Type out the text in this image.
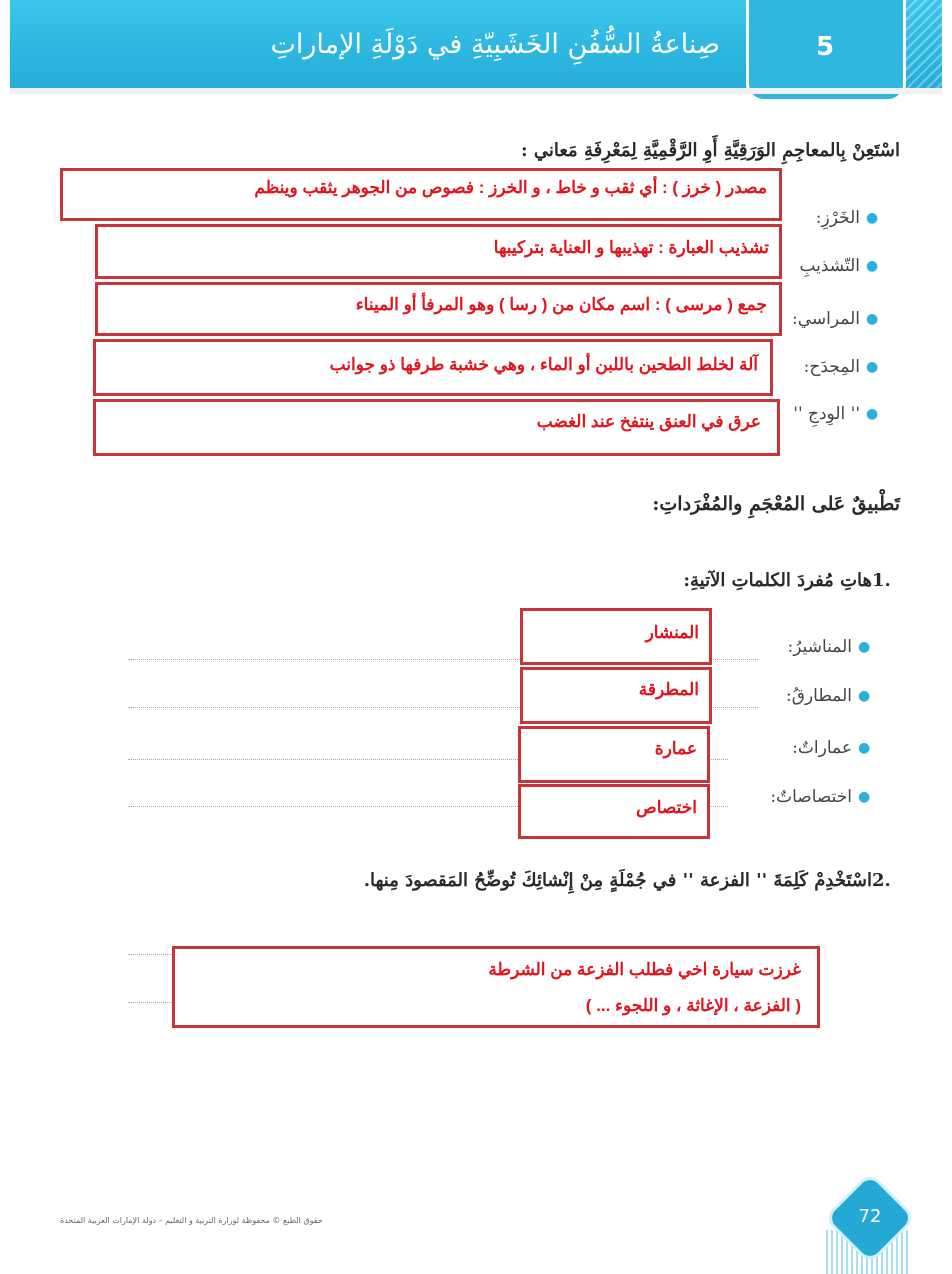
5
صِناعةُ السُّفُنِ الخَشَبِيّةِ في دَوْلَةِ الإماراتِ
اسْتَعِنْ بِالمعاجِمِ الوَرَقِيَّةِ أَوِ الرَّقْمِيَّةِ لِمَعْرِفَةِ مَعاني :
الخَرْزِ: ●
التّشذيبِ ●
المراسي: ●
المِجدَح: ●
'' الوِدجِ '' ●
مصدر ( خرز ) : أي ثقب و خاط ، و الخرز : فصوص من الجوهر يثقب وينظم
تشذيب العبارة : تهذيبها و العناية بتركيبها
جمع ( مرسى ) : اسم مكان من ( رسا ) وهو المرفأ أو الميناء
آلة لخلط الطحين باللبن أو الماء ، وهي خشبة طرفها ذو جوانب
عرق في العنق ينتفخ عند الغضب
تَطْبيقٌ عَلى المُعْجَمِ والمُفْرَداتِ:
هاتِ مُفردَ الكلماتِ الآتيةِ: 1.
المناشيرُ: ●
المطارقُ: ●
عماراتٌ: ●
اختصاصاتٌ: ●
المنشار
المطرقة
عمارة
اختصاص
اسْتَخْدِمْ كَلِمَةَ '' الفزعة '' في جُمْلَةٍ مِنْ إِنْشائِكَ تُوضِّحُ المَقصودَ مِنها. 2.
غرزت سيارة اخي فطلب الفزعة من الشرطة
( الفزعة ، الإغاثة ، و اللجوء ... )
حقوق الطبع © محفوظة لوزارة التربية و التعليم – دولة الإمارات العربية المتحدة	72
